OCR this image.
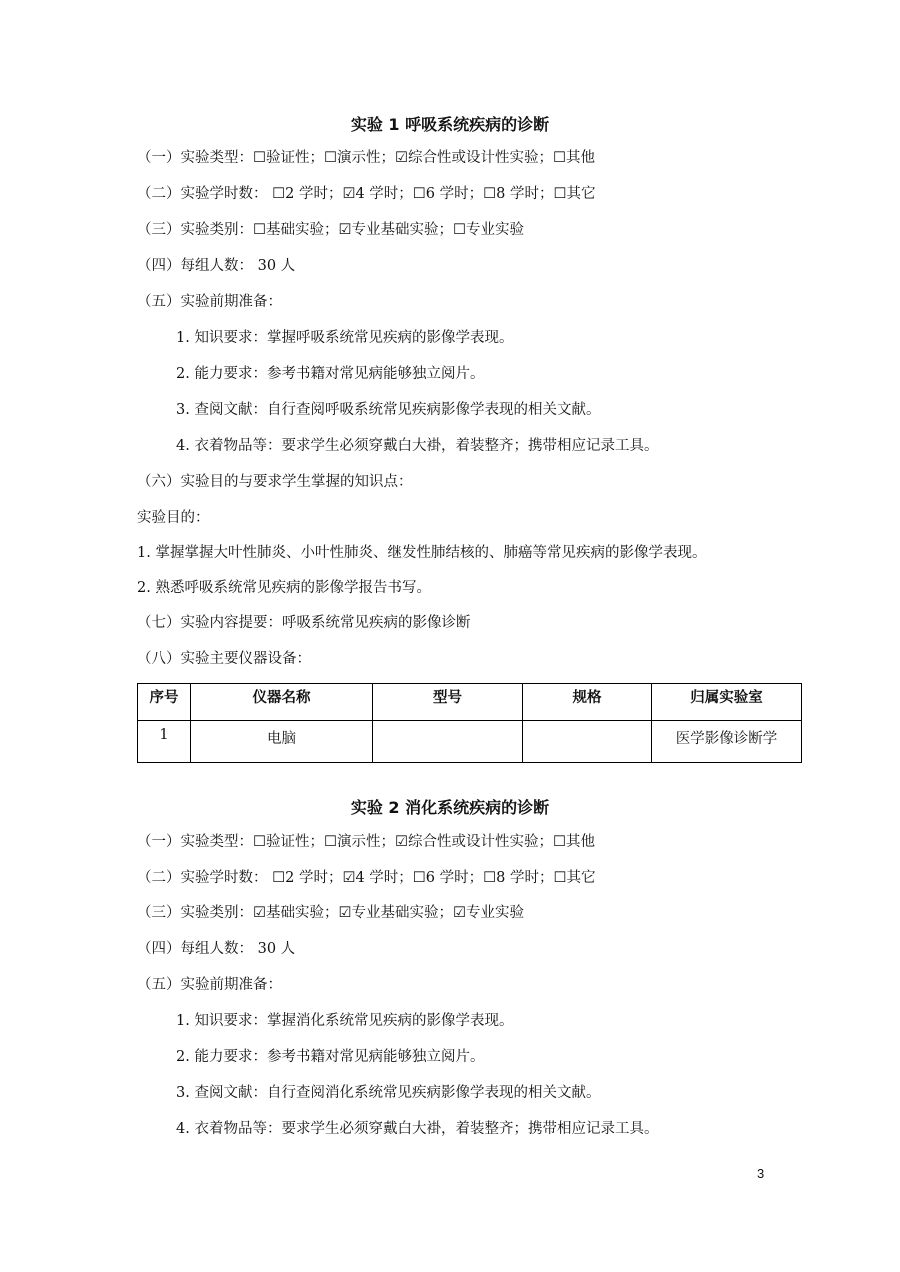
实验 1 呼吸系统疾病的诊断
（一）实验类型：☐验证性；☐演示性；☑综合性或设计性实验；☐其他
（二）实验学时数： ☐2 学时；☑4 学时；☐6 学时；☐8 学时；☐其它
（三）实验类别：☐基础实验；☑专业基础实验；☐专业实验
（四）每组人数： 30 人
（五）实验前期准备：
1. 知识要求：掌握呼吸系统常见疾病的影像学表现。
2. 能力要求：参考书籍对常见病能够独立阅片。
3. 查阅文献：自行查阅呼吸系统常见疾病影像学表现的相关文献。
4. 衣着物品等：要求学生必须穿戴白大褂，着装整齐；携带相应记录工具。
（六）实验目的与要求学生掌握的知识点：
实验目的：
1. 掌握掌握大叶性肺炎、小叶性肺炎、继发性肺结核的、肺癌等常见疾病的影像学表现。
2. 熟悉呼吸系统常见疾病的影像学报告书写。
（七）实验内容提要：呼吸系统常见疾病的影像诊断
（八）实验主要仪器设备：
序号	仪器名称	型号	规格	归属实验室
1	电脑			医学影像诊断学
实验 2 消化系统疾病的诊断
（一）实验类型：☐验证性；☐演示性；☑综合性或设计性实验；☐其他
（二）实验学时数： ☐2 学时；☑4 学时；☐6 学时；☐8 学时；☐其它
（三）实验类别：☑基础实验；☑专业基础实验；☑专业实验
（四）每组人数： 30 人
（五）实验前期准备：
1. 知识要求：掌握消化系统常见疾病的影像学表现。
2. 能力要求：参考书籍对常见病能够独立阅片。
3. 查阅文献：自行查阅消化系统常见疾病影像学表现的相关文献。
4. 衣着物品等：要求学生必须穿戴白大褂，着装整齐；携带相应记录工具。
3
